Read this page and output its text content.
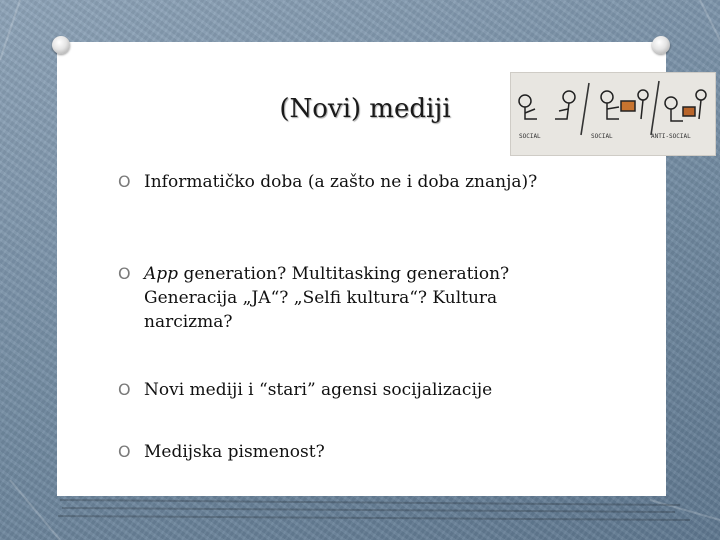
(Novi) mediji
SOCIAL	SOCIAL	ANTI-SOCIAL
O Informatičko doba (a zašto ne i doba znanja)?
O App generation? Multitasking generation? Generacija „JA“? „Selfi kultura“? Kultura narcizma?
O Novi mediji i “stari” agensi socijalizacije
O Medijska pismenost?
